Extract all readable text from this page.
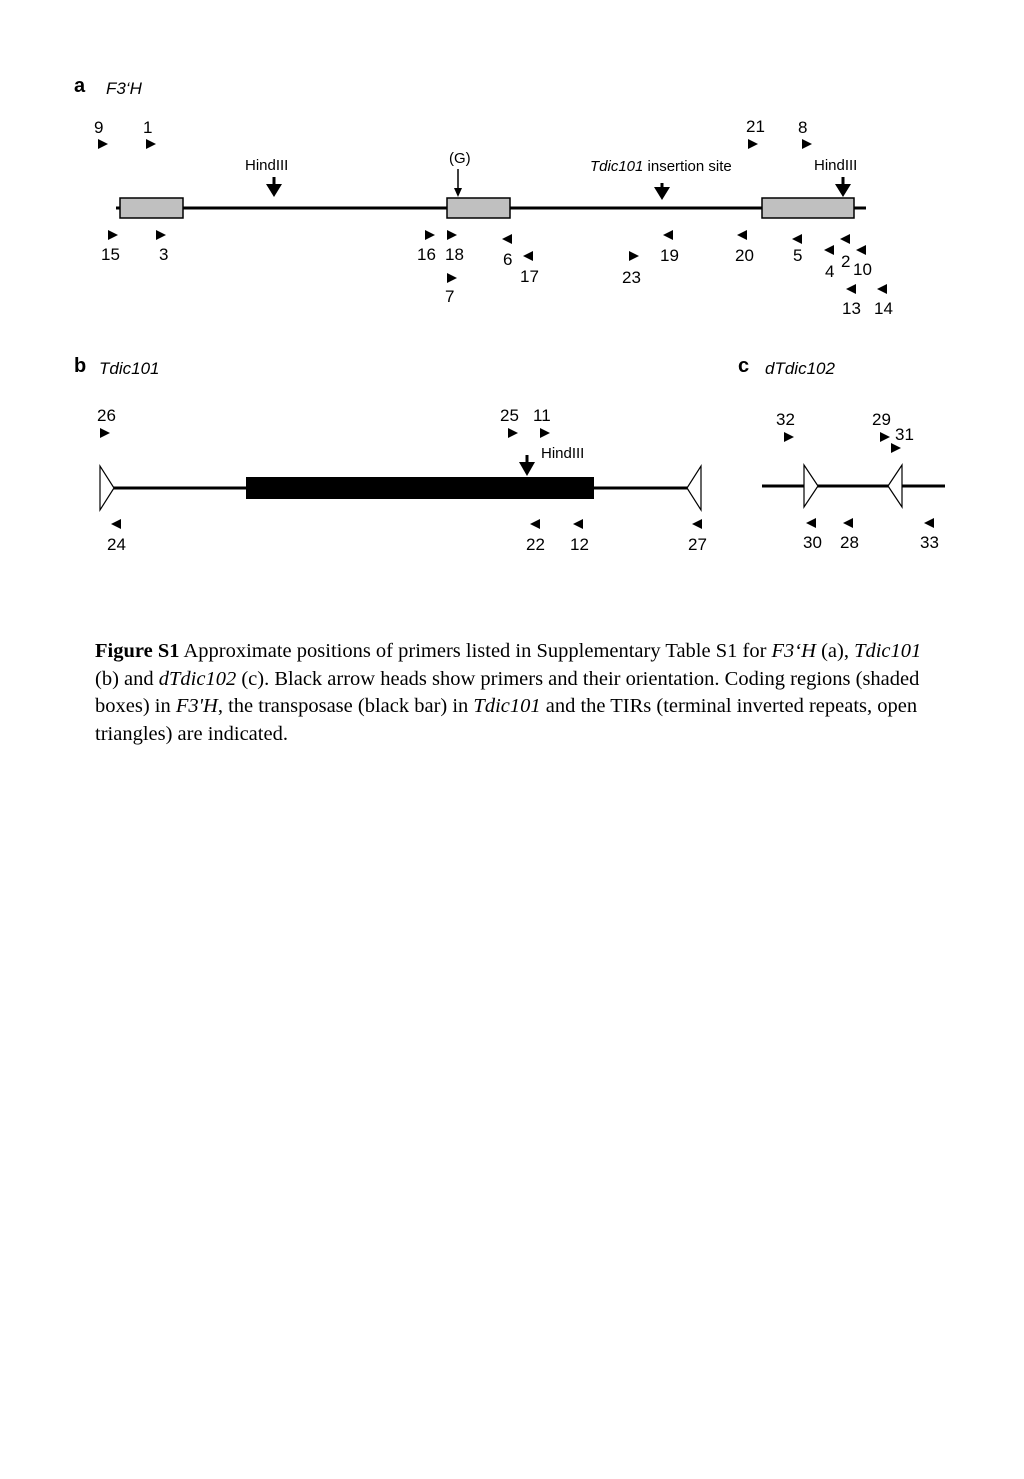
a F3‘H
HindIII	(G)	Tdic101 insertion site	HindIII
9 1	21 8
15 3	16 18
7
6
17	23
19	20 5
4
2 10
13 14
b Tdic101
HindIII
26	25 11
24	22 12	27
c dTdic102
32	29
31
30 28	33
Figure S1 Approximate positions of primers listed in Supplementary Table S1 for F3‘H (a), Tdic101 (b) and dTdic102 (c). Black arrow heads show primers and their orientation. Coding regions (shaded boxes) in F3'H, the transposase (black bar) in Tdic101 and the TIRs (terminal inverted repeats, open triangles) are indicated.
